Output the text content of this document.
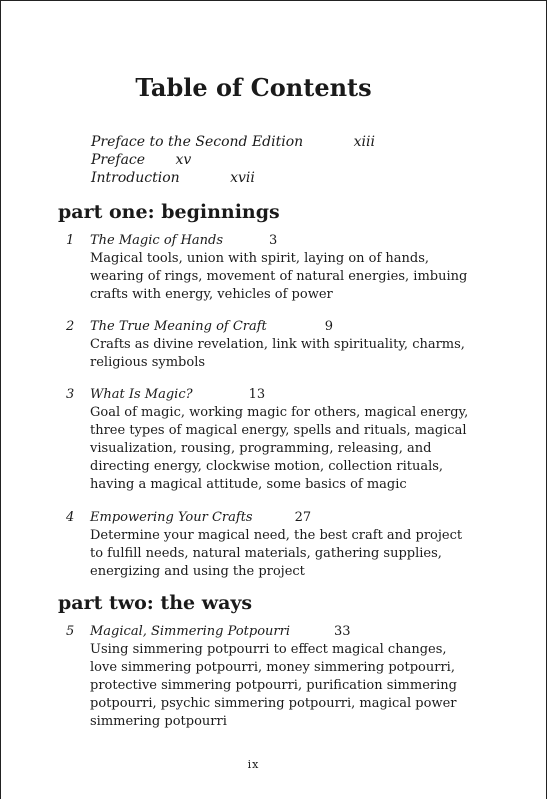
Table of Contents
Preface to the Second Edition	xiii
Preface xv
Introduction	xvii
part one: beginnings
1 The Magic of Hands	3
Magical tools, union with spirit, laying on of hands, wearing of rings, movement of natural energies, imbuing crafts with energy, vehicles of power
2 The True Meaning of Craft	9
Crafts as divine revelation, link with spirituality, charms, religious symbols
3 What Is Magic?	13
Goal of magic, working magic for others, magical energy, three types of magical energy, spells and rituals, magical visualization, rousing, programming, releasing, and directing energy, clockwise motion, collection rituals, having a magical attitude, some basics of magic
4 Empowering Your Crafts	27
Determine your magical need, the best craft and project to fulfill needs, natural materials, gathering supplies, energizing and using the project
part two: the ways
5 Magical, Simmering Potpourri	33
Using simmering potpourri to effect magical changes, love simmering potpourri, money simmering potpourri, protective simmering potpourri, purification simmering potpourri, psychic simmering potpourri, magical power simmering potpourri
ix
